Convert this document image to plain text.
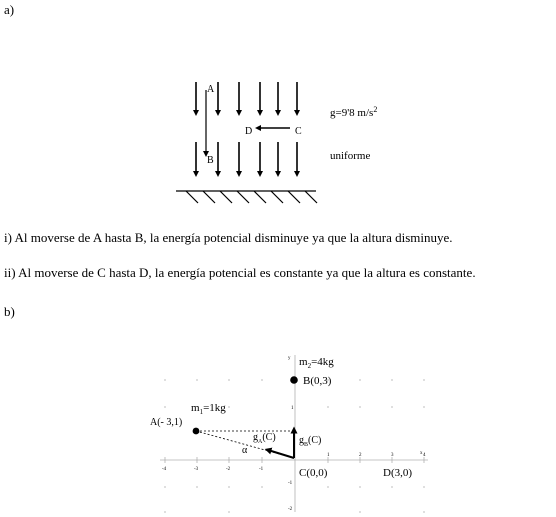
a)
A
B
D	C
g=9'8 $m/s^2$
uniforme
i) Al moverse de A hasta B, la energía potencial disminuye ya que la altura disminuye.
ii) Al moverse de C hasta D, la energía potencial es constante ya que la altura es constante.
b)
-4	-3	-2	-1
1	2	3	4
1
-1
-2
x
y $m_2=4kg$
B(0,3)
$m_1=1kg$
A(- 3,1)
$g_A(C)$ $g_B(C)$
α
C(0,0)	D(3,0)
